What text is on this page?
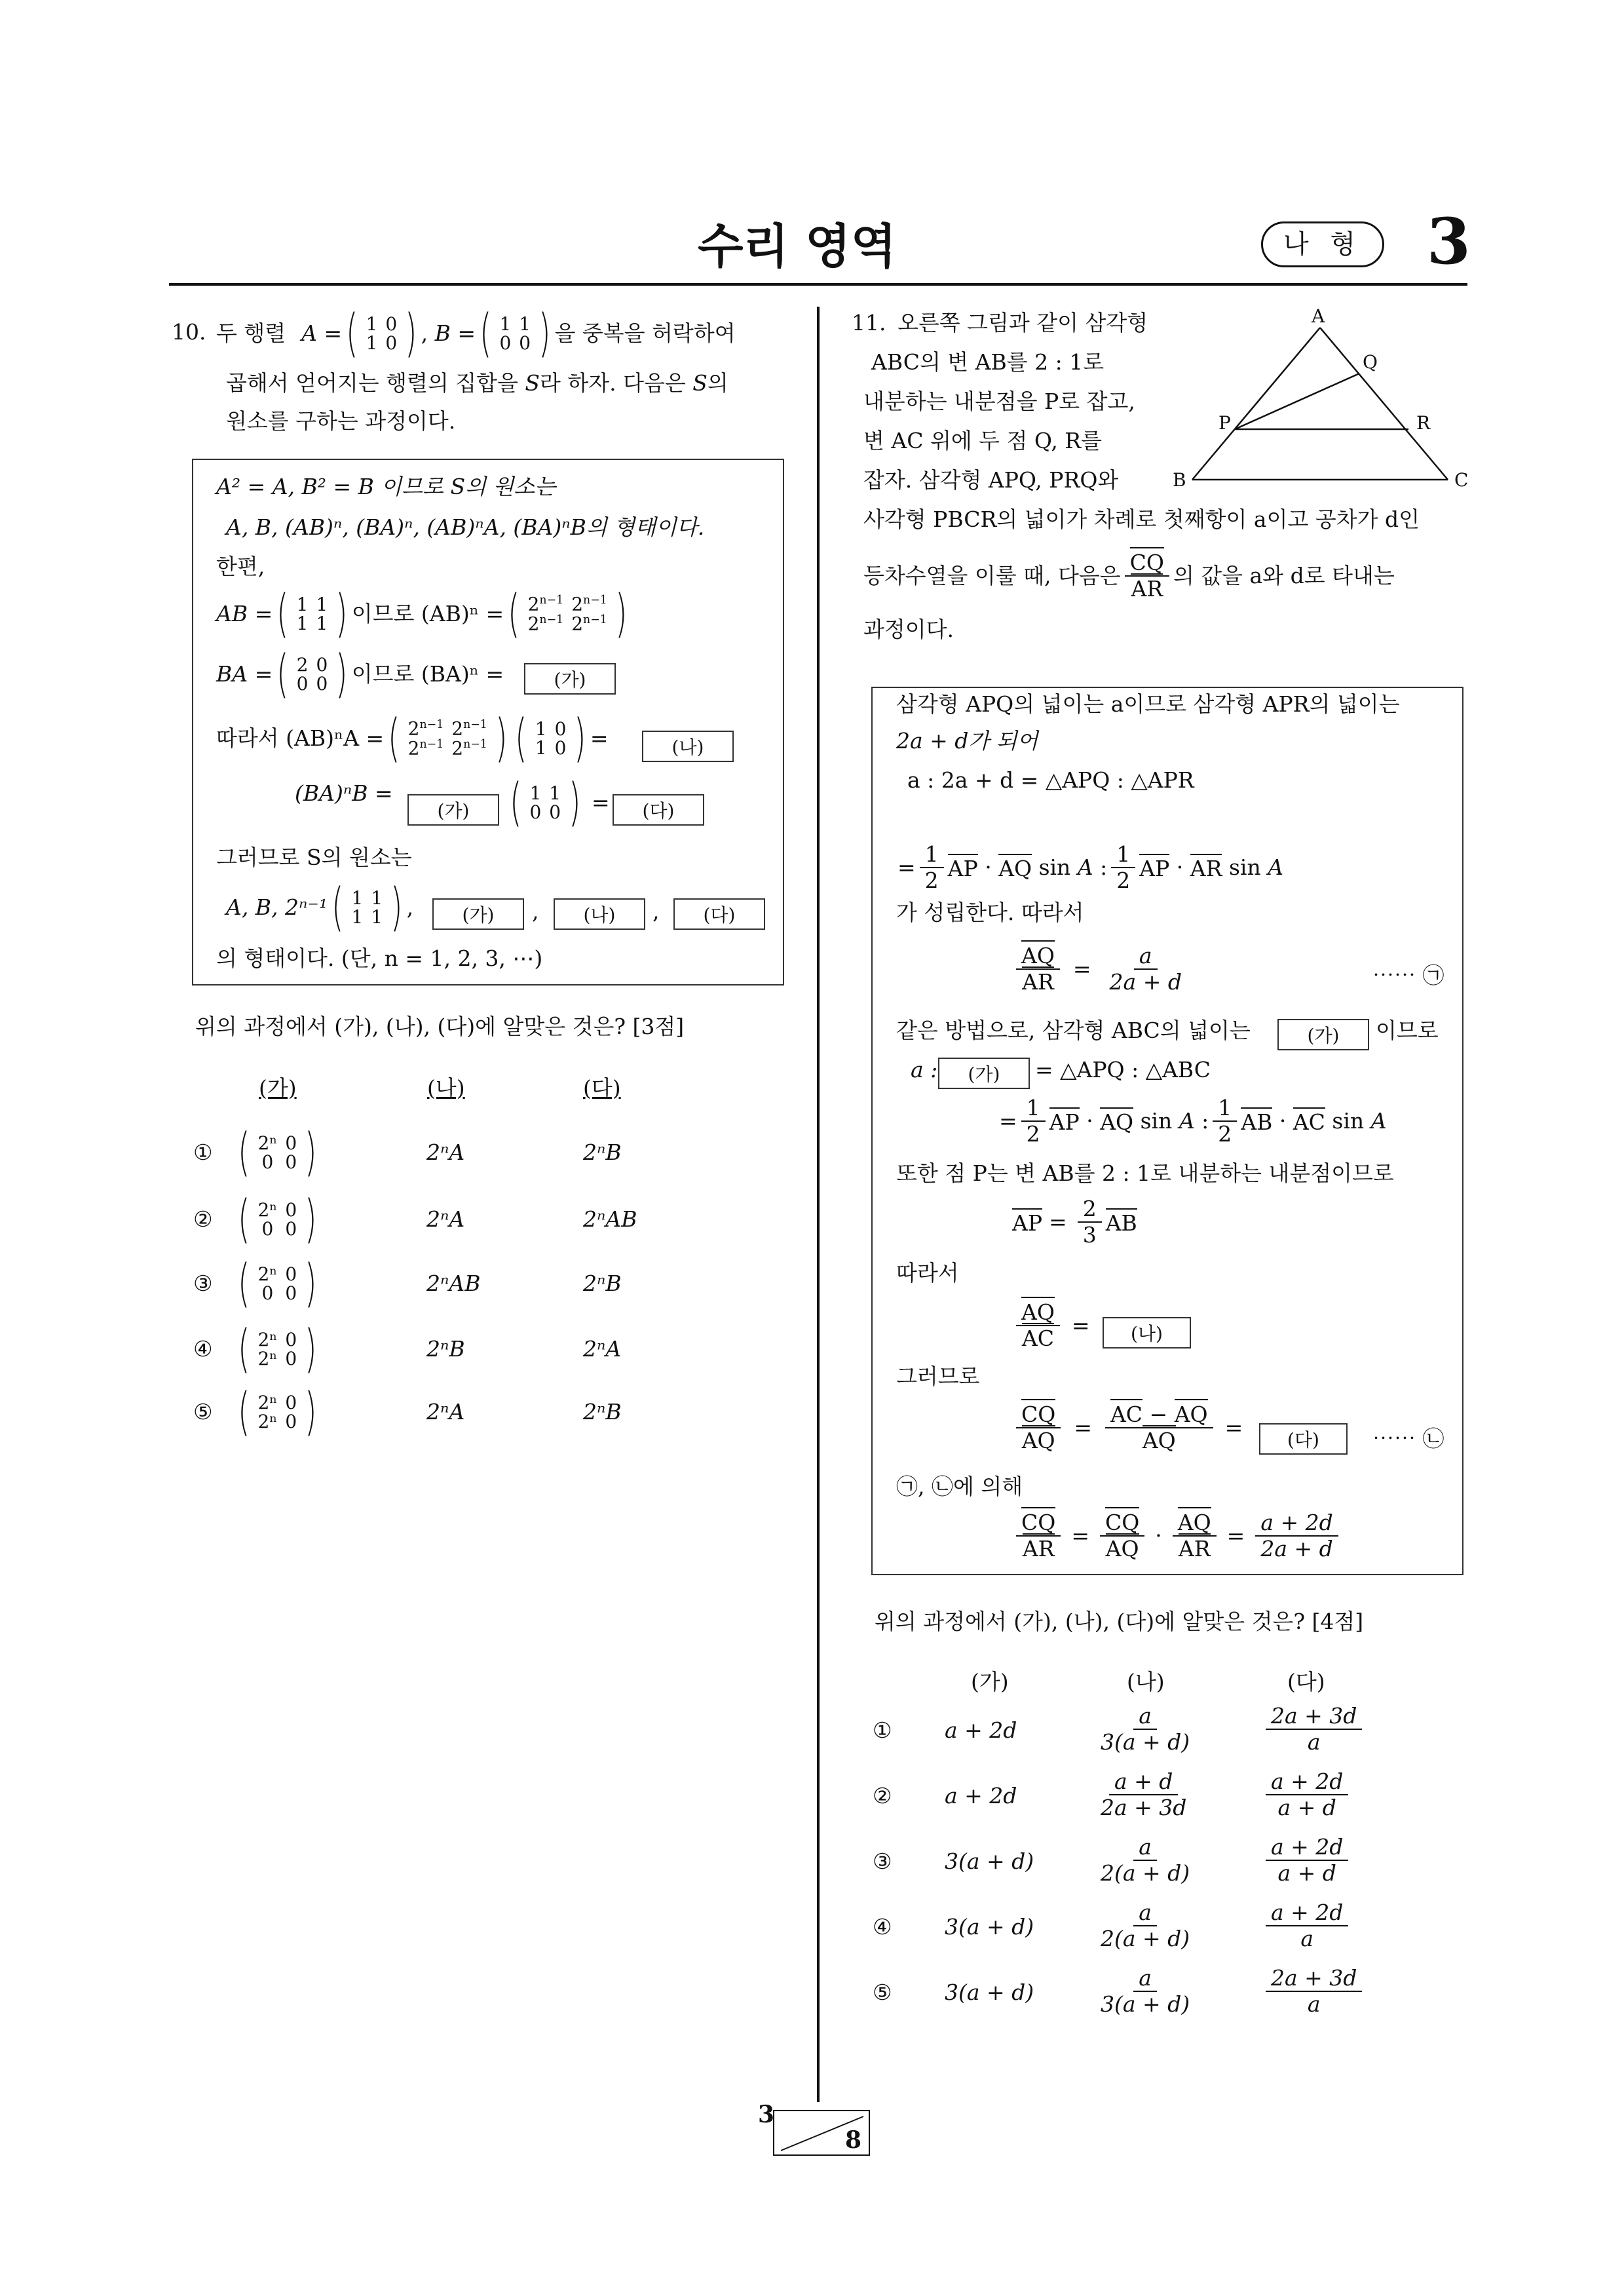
수리 영역	나 형	3
10. 두 행렬 A = ( 1	0
1	0 ) , B = ( 1	1
0	0 ) 을 중복을 허락하여
곱해서 얻어지는 행렬의 집합을 S라 하자. 다음은 S의
원소를 구하는 과정이다.
A² = A, B² = B 이므로 S의 원소는
A, B, (AB)ⁿ, (BA)ⁿ, (AB)ⁿA, (BA)ⁿB의 형태이다.
한편,
AB = ( 1	1
1	1 ) 이므로 (AB)ⁿ = ( $2^{n-1}$	$2^{n-1}$
$2^{n-1}$	$2^{n-1}$ )
BA = ( 2	0
0	0 ) 이므로 (BA)ⁿ =	(가)
따라서 (AB)ⁿA = ( $2^{n-1}$	$2^{n-1}$
$2^{n-1}$	$2^{n-1}$ ) ( 1	0
1	0 ) =	(나)
(BA)ⁿB =
(가) ( 1	1
0	0 ) =	(다)
그러므로 S의 원소는
A, B, 2ⁿ⁻¹ ( 1	1
1	1 ) ,	(가)	,	(나)	,	(다)
의 형태이다. (단, n = 1, 2, 3, ⋯)
위의 과정에서 (가), (나), (다)에 알맞은 것은? [3점]
(가)	(나)	(다)
① ( 2ⁿ	0
0	0 )	2ⁿA	2ⁿB
② ( 2ⁿ	0
0	0 )	2ⁿA	2ⁿAB
③ ( 2ⁿ	0
0	0 )	2ⁿAB	2ⁿB
④ ( 2ⁿ	0
2ⁿ	0 )	2ⁿB	2ⁿA
⑤ ( 2ⁿ	0
2ⁿ	0 )	2ⁿA	2ⁿB
11. 오른쪽 그림과 같이 삼각형
ABC의 변 AB를 2 : 1로
내분하는 내분점을 P로 잡고,
변 AC 위에 두 점 Q, R를
잡자. 삼각형 APQ, PRQ와
사각형 PBCR의 넓이가 차례로 첫째항이 a이고 공차가 d인
등차수열을 이룰 때, 다음은 $\frac{CQ}{AR}$ 의 값을 a와 d로 타내는
과정이다.
A
B	C
P
Q
R
삼각형 APQ의 넓이는 a이므로 삼각형 APR의 넓이는
2a + d가 되어
a : 2a + d = △APQ : △APR
= $\frac{1}{2}$ AP · AQ sin A : $\frac{1}{2}$ AP · AR sin A
가 성립한다. 따라서
$\frac{AQ}{AR} = \frac{a}{2a + d}$	⋯⋯ ㉠
같은 방법으로, 삼각형 ABC의 넓이는	(가)	이므로
a :	(가)	= △APQ : △ABC
= $\frac{1}{2}$ AP · AQ sin A : $\frac{1}{2}$ AB · AC sin A
또한 점 P는 변 AB를 2 : 1로 내분하는 내분점이므로
AP = $\frac{2}{3}$ AB
따라서
$\frac{AQ}{AC}$ =	(나)
그러므로
$\frac{CQ}{AQ} = \frac{AC - AQ}{AQ}$ =	(다)	⋯⋯ ㉡
㉠, ㉡에 의해
$\frac{CQ}{AR} = \frac{CQ}{AQ} \cdot \frac{AQ}{AR} = \frac{a + 2d}{2a + d}$
위의 과정에서 (가), (나), (다)에 알맞은 것은? [4점]
(가)	(나)	(다)
① a + 2d	$\frac{a}{3(a + d)}$	$\frac{2a + 3d}{a}$
② a + 2d	$\frac{a + d}{2a + 3d}$	$\frac{a + 2d}{a + d}$
③ 3(a + d)	$\frac{a}{2(a + d)}$	$\frac{a + 2d}{a + d}$
④ 3(a + d)	$\frac{a}{2(a + d)}$	$\frac{a + 2d}{a}$
⑤ 3(a + d)	$\frac{a}{3(a + d)}$	$\frac{2a + 3d}{a}$
3
8
